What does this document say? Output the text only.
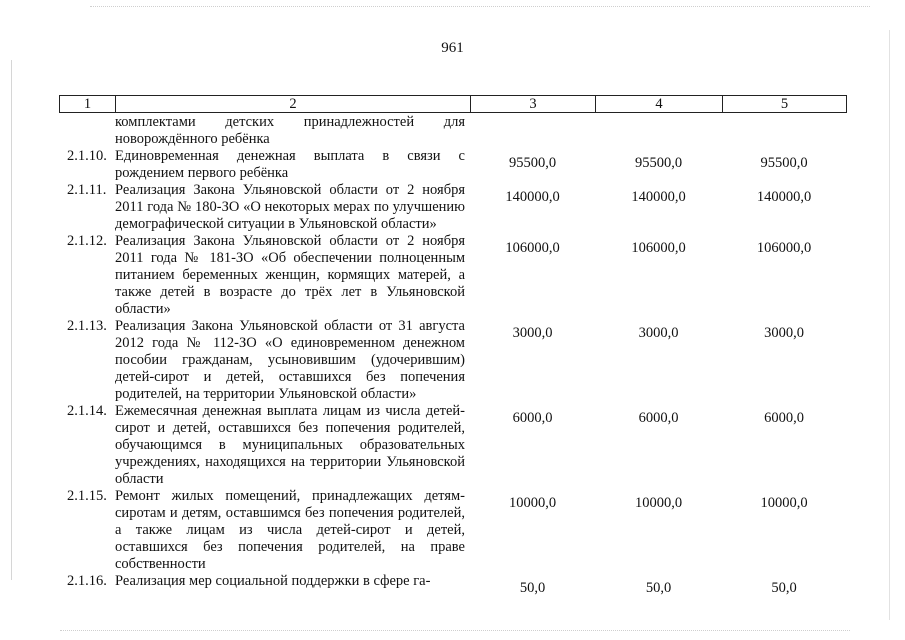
961
1	2	3	4	5
	комплектами детских принадлежностей для новорождённого ребёнка			
2.1.10.	Единовременная денежная выплата в связи с рождением первого ребёнка	95500,0	95500,0	95500,0
2.1.11.	Реализация Закона Ульяновской области от 2 ноября 2011 года № 180-ЗО «О некоторых мерах по улучшению демографической ситуации в Ульяновской области»	140000,0	140000,0	140000,0
2.1.12.	Реализация Закона Ульяновской области от 2 ноября 2011 года № 181-ЗО «Об обеспечении полноценным питанием беременных женщин, кормящих матерей, а также детей в возрасте до трёх лет в Ульяновской области»	106000,0	106000,0	106000,0
2.1.13.	Реализация Закона Ульяновской области от 31 августа 2012 года № 112-ЗО «О единовременном денежном пособии гражданам, усыновившим (удочерившим) детей-сирот и детей, оставшихся без попечения родителей, на территории Ульяновской области»	3000,0	3000,0	3000,0
2.1.14.	Ежемесячная денежная выплата лицам из числа детей-сирот и детей, оставшихся без попечения родителей, обучающимся в муниципальных образовательных учреждениях, находящихся на территории Ульяновской области	6000,0	6000,0	6000,0
2.1.15.	Ремонт жилых помещений, принадлежащих детям-сиротам и детям, оставшимся без попечения родителей, а также лицам из числа детей-сирот и детей, оставшихся без попечения родителей, на праве собственности	10000,0	10000,0	10000,0
2.1.16.	Реализация мер социальной поддержки в сфере га-	50,0	50,0	50,0
